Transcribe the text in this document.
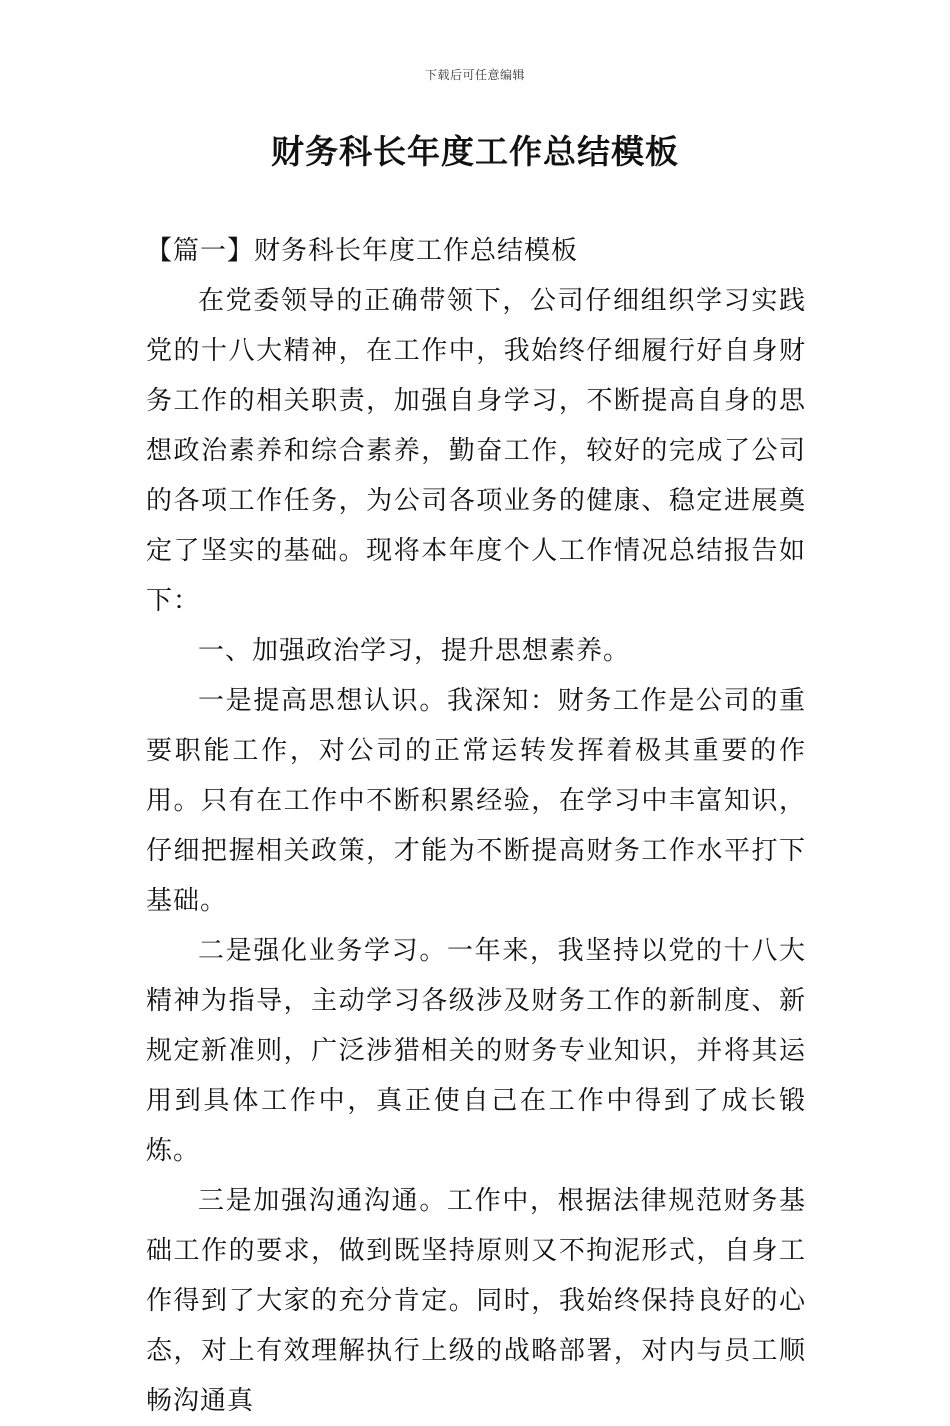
下载后可任意编辑
财务科长年度工作总结模板

【篇一】财务科长年度工作总结模板

在党委领导的正确带领下，公司仔细组织学习实践党的十八大精神，在工作中，我始终仔细履行好自身财务工作的相关职责，加强自身学习，不断提高自身的思想政治素养和综合素养，勤奋工作，较好的完成了公司的各项工作任务，为公司各项业务的健康、稳定进展奠定了坚实的基础。现将本年度个人工作情况总结报告如下：

一、加强政治学习，提升思想素养。

一是提高思想认识。我深知：财务工作是公司的重要职能工作，对公司的正常运转发挥着极其重要的作用。只有在工作中不断积累经验，在学习中丰富知识，仔细把握相关政策，才能为不断提高财务工作水平打下基础。

二是强化业务学习。一年来，我坚持以党的十八大精神为指导，主动学习各级涉及财务工作的新制度、新规定新准则，广泛涉猎相关的财务专业知识，并将其运用到具体工作中，真正使自己在工作中得到了成长锻炼。

三是加强沟通沟通。工作中，根据法律规范财务基础工作的要求，做到既坚持原则又不拘泥形式，自身工作得到了大家的充分肯定。同时，我始终保持良好的心态，对上有效理解执行上级的战略部署，对内与员工顺畅沟通真
